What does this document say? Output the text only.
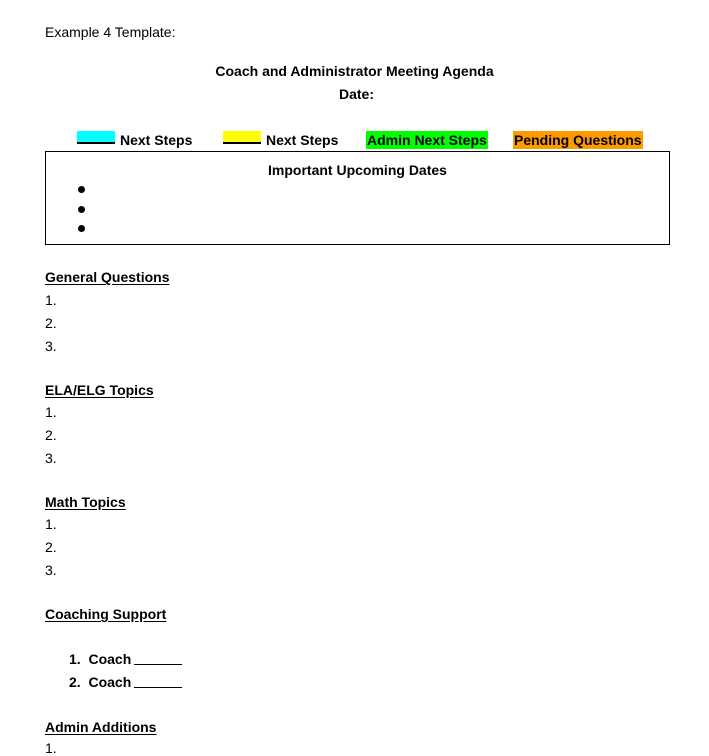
Example 4 Template:
Coach and Administrator Meeting Agenda
Date:
Next Steps	Next Steps Admin Next Steps Pending Questions
Important Upcoming Dates
General Questions
1.
2.
3.
ELA/ELG Topics
1.
2.
3.
Math Topics
1.
2.
3.
Coaching Support
1. Coach
2. Coach
Admin Additions
1.
